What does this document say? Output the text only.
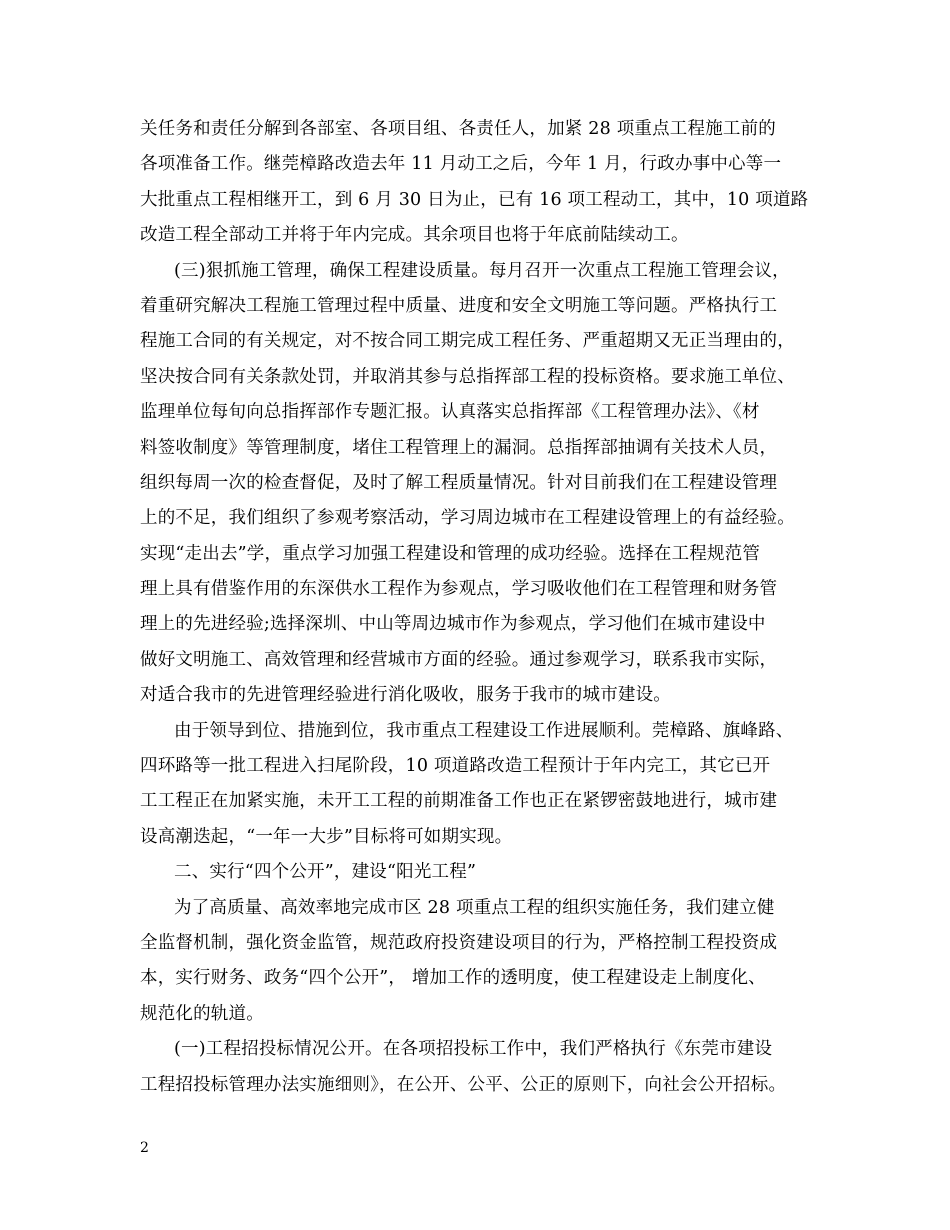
关任务和责任分解到各部室、各项目组、各责任人，加紧 28 项重点工程施工前的
各项准备工作。继莞樟路改造去年 11 月动工之后，今年 1 月，行政办事中心等一
大批重点工程相继开工，到 6 月 30 日为止，已有 16 项工程动工，其中，10 项道路
改造工程全部动工并将于年内完成。其余项目也将于年底前陆续动工。
(三)狠抓施工管理，确保工程建设质量。每月召开一次重点工程施工管理会议，
着重研究解决工程施工管理过程中质量、进度和安全文明施工等问题。严格执行工
程施工合同的有关规定，对不按合同工期完成工程任务、严重超期又无正当理由的，
坚决按合同有关条款处罚，并取消其参与总指挥部工程的投标资格。要求施工单位、
监理单位每旬向总指挥部作专题汇报。认真落实总指挥部《工程管理办法》、《材
料签收制度》等管理制度，堵住工程管理上的漏洞。总指挥部抽调有关技术人员，
组织每周一次的检查督促，及时了解工程质量情况。针对目前我们在工程建设管理
上的不足，我们组织了参观考察活动，学习周边城市在工程建设管理上的有益经验。
实现“走出去”学，重点学习加强工程建设和管理的成功经验。选择在工程规范管
理上具有借鉴作用的东深供水工程作为参观点，学习吸收他们在工程管理和财务管
理上的先进经验;选择深圳、中山等周边城市作为参观点，学习他们在城市建设中
做好文明施工、高效管理和经营城市方面的经验。通过参观学习，联系我市实际，
对适合我市的先进管理经验进行消化吸收，服务于我市的城市建设。
由于领导到位、措施到位，我市重点工程建设工作进展顺利。莞樟路、旗峰路、
四环路等一批工程进入扫尾阶段，10 项道路改造工程预计于年内完工，其它已开
工工程正在加紧实施，未开工工程的前期准备工作也正在紧锣密鼓地进行，城市建
设高潮迭起，“一年一大步”目标将可如期实现。
二、实行“四个公开”，建设“阳光工程”
为了高质量、高效率地完成市区 28 项重点工程的组织实施任务，我们建立健
全监督机制，强化资金监管，规范政府投资建设项目的行为，严格控制工程投资成
本，实行财务、政务“四个公开”， 增加工作的透明度，使工程建设走上制度化、
规范化的轨道。
(一)工程招投标情况公开。在各项招投标工作中，我们严格执行《东莞市建设
工程招投标管理办法实施细则》，在公开、公平、公正的原则下，向社会公开招标。
2
